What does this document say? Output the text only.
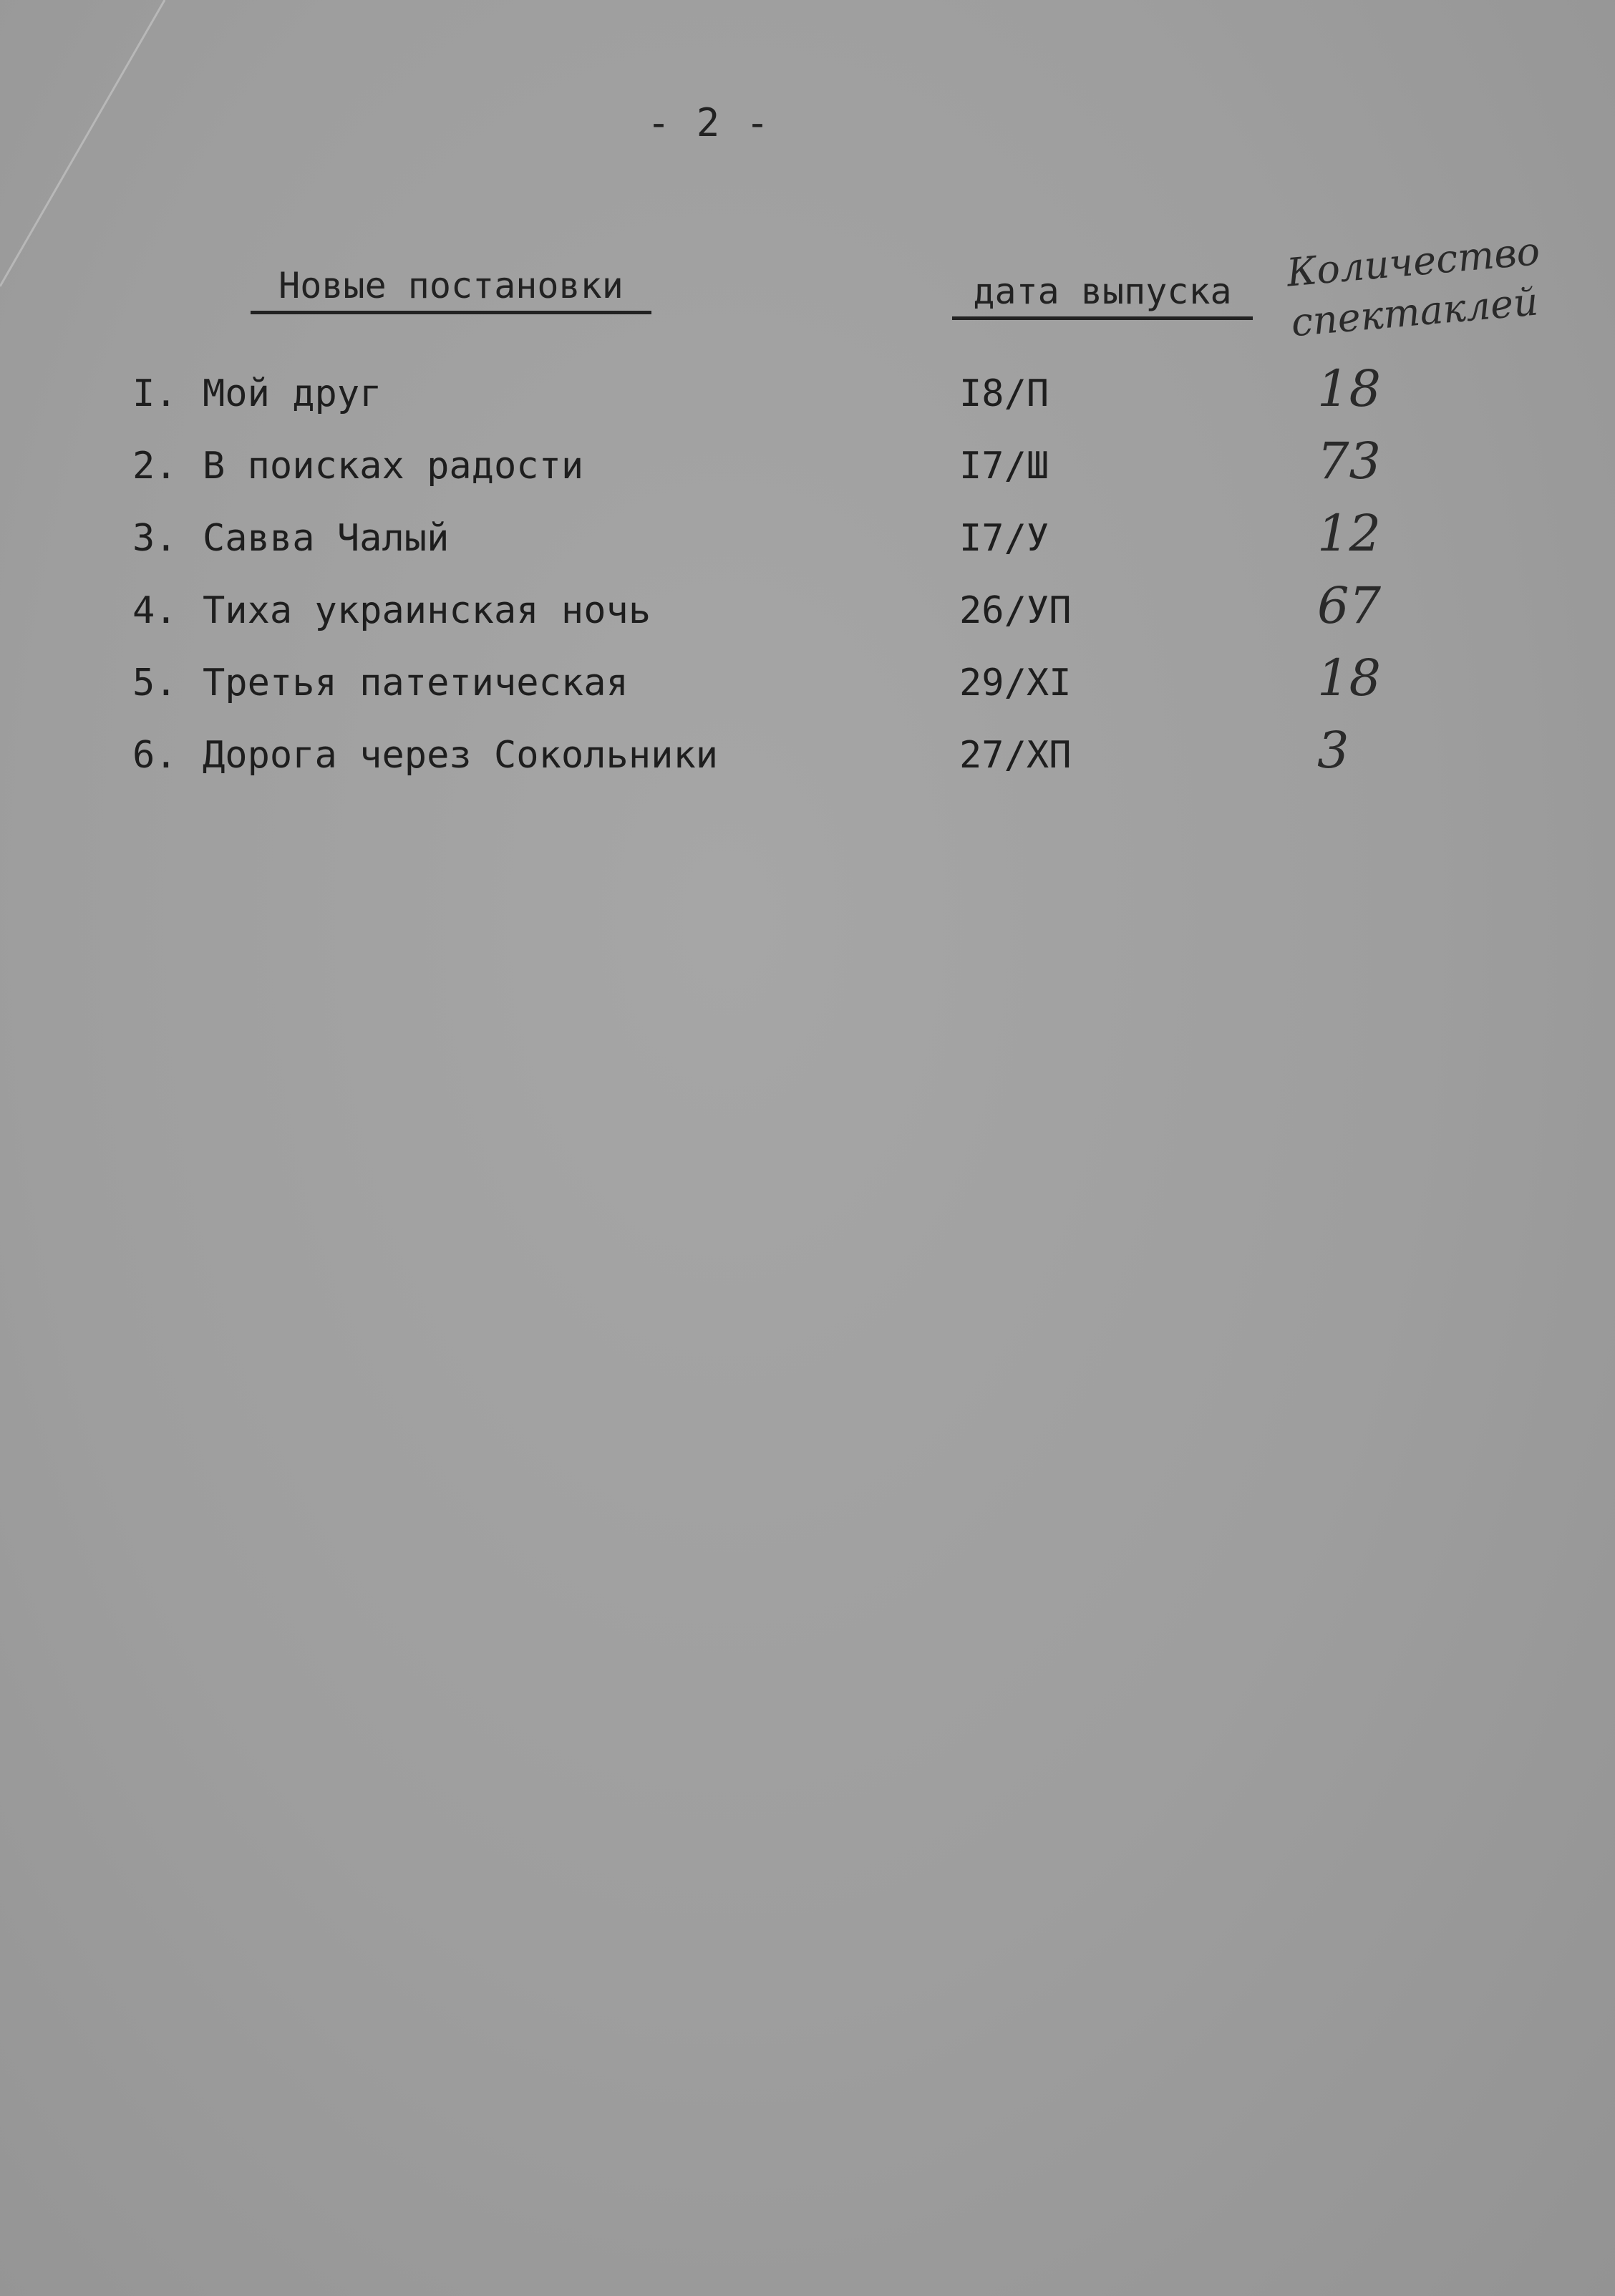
- 2 -
Новые постановки	дата выпуска	Количество
спектаклей
I. Мой друг	I8/П	18
2. В поисках радости	I7/Ш	73
3. Савва Чалый	I7/У	12
4. Тиха украинская ночь	26/УП	67
5. Третья патетическая	29/XI	18
6. Дорога через Сокольники	27/XП	3
